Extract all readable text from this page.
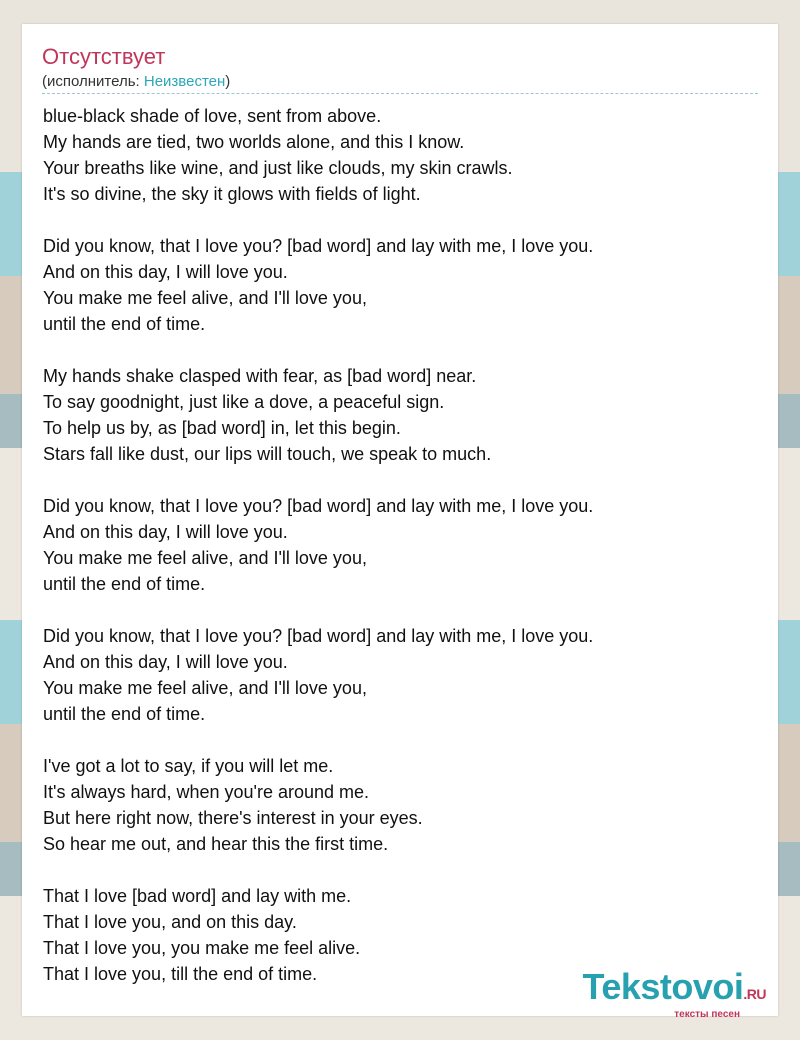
Отсутствует
(исполнитель: Неизвестен)
blue-black shade of love, sent from above.
My hands are tied, two worlds alone, and this I know.
Your breaths like wine, and just like clouds, my skin crawls.
It's so divine, the sky it glows with fields of light.
Did you know, that I love you? [bad word] and lay with me, I love you.
And on this day, I will love you.
You make me feel alive, and I'll love you,
until the end of time.
My hands shake clasped with fear, as [bad word] near.
To say goodnight, just like a dove, a peaceful sign.
To help us by, as [bad word] in, let this begin.
Stars fall like dust, our lips will touch, we speak to much.
Did you know, that I love you? [bad word] and lay with me, I love you.
And on this day, I will love you.
You make me feel alive, and I'll love you,
until the end of time.
Did you know, that I love you? [bad word] and lay with me, I love you.
And on this day, I will love you.
You make me feel alive, and I'll love you,
until the end of time.
I've got a lot to say, if you will let me.
It's always hard, when you're around me.
But here right now, there's interest in your eyes.
So hear me out, and hear this the first time.
That I love [bad word] and lay with me.
That I love you, and on this day.
That I love you, you make me feel alive.
That I love you, till the end of time.	Tekstovoi.RU
тексты песен
